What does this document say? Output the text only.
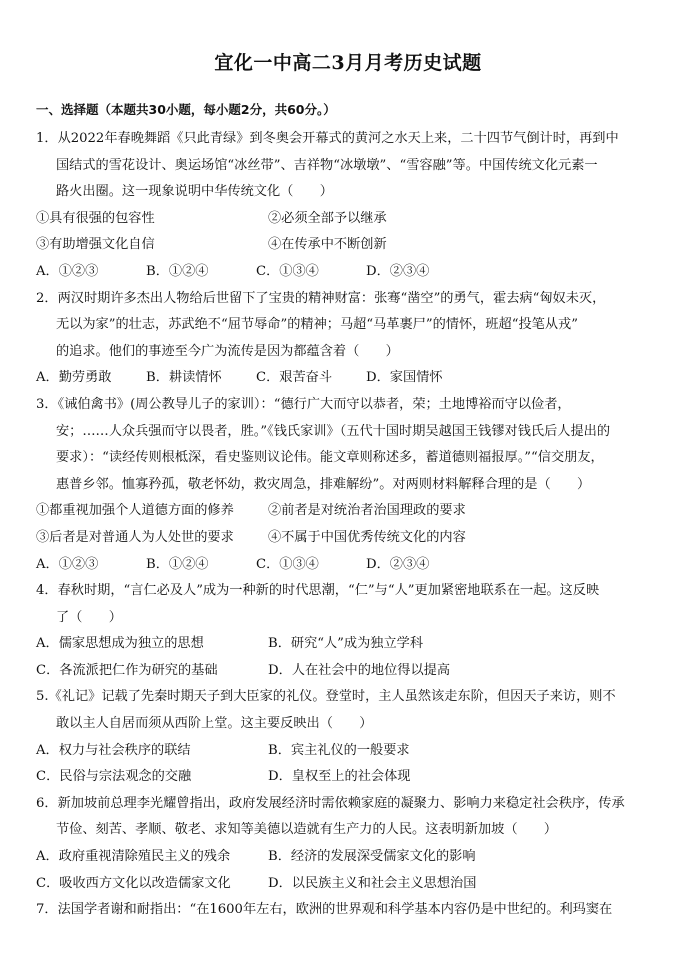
宜化一中高二3月月考历史试题
一、选择题（本题共30小题，每小题2分，共60分。）

1．从2022年春晚舞蹈《只此青绿》到冬奥会开幕式的黄河之水天上来，二十四节气倒计时，再到中

国结式的雪花设计、奥运场馆“冰丝带”、吉祥物“冰墩墩”、“雪容融”等。中国传统文化元素一

路火出圈。这一现象说明中华传统文化（　　）

①具有很强的包容性	②必须全部予以继承
③有助增强文化自信	④在传承中不断创新
A．①②③	B．①②④	C．①③④	D．②③④

2．两汉时期许多杰出人物给后世留下了宝贵的精神财富：张骞“凿空”的勇气，霍去病“匈奴未灭，

无以为家”的壮志，苏武绝不“屈节辱命”的精神；马超“马革裹尸”的情怀，班超“投笔从戎”

的追求。他们的事迹至今广为流传是因为都蕴含着（　　）

A．勤劳勇敢	B．耕读情怀	C．艰苦奋斗	D．家国情怀

3．《诫伯禽书》(周公教导儿子的家训）：“德行广大而守以恭者，荣；土地博裕而守以俭者，

安；……人众兵强而守以畏者，胜。”《钱氏家训》（五代十国时期吴越国王钱镠对钱氏后人提出的

要求）：“读经传则根柢深，看史鉴则议论伟。能文章则称述多，蓄道德则福报厚。”“信交朋友，

惠普乡邻。恤寡矜孤，敬老怀幼，救灾周急，排难解纷”。对两则材料解释合理的是（　　）

①都重视加强个人道德方面的修养	②前者是对统治者治国理政的要求
③后者是对普通人为人处世的要求	④不属于中国优秀传统文化的内容
A．①②③	B．①②④	C．①③④	D．②③④

4．春秋时期，“言仁必及人”成为一种新的时代思潮，“仁”与“人”更加紧密地联系在一起。这反映

了（　　）

A．儒家思想成为独立的思想	B．研究“人”成为独立学科
C．各流派把仁作为研究的基础	D．人在社会中的地位得以提高

5.《礼记》记载了先秦时期天子到大臣家的礼仪。登堂时，主人虽然该走东阶，但因天子来访，则不

敢以主人自居而须从西阶上堂。这主要反映出（　　）

A．权力与社会秩序的联结	B．宾主礼仪的一般要求
C．民俗与宗法观念的交融	D．皇权至上的社会体现

6．新加坡前总理李光耀曾指出，政府发展经济时需依赖家庭的凝聚力、影响力来稳定社会秩序，传承

节俭、刻苦、孝顺、敬老、求知等美德以造就有生产力的人民。这表明新加坡（　　）

A．政府重视清除殖民主义的残余	B．经济的发展深受儒家文化的影响
C．吸收西方文化以改造儒家文化	D．以民族主义和社会主义思想治国

7．法国学者谢和耐指出：“在1600年左右，欧洲的世界观和科学基本内容仍是中世纪的。利玛窦在
